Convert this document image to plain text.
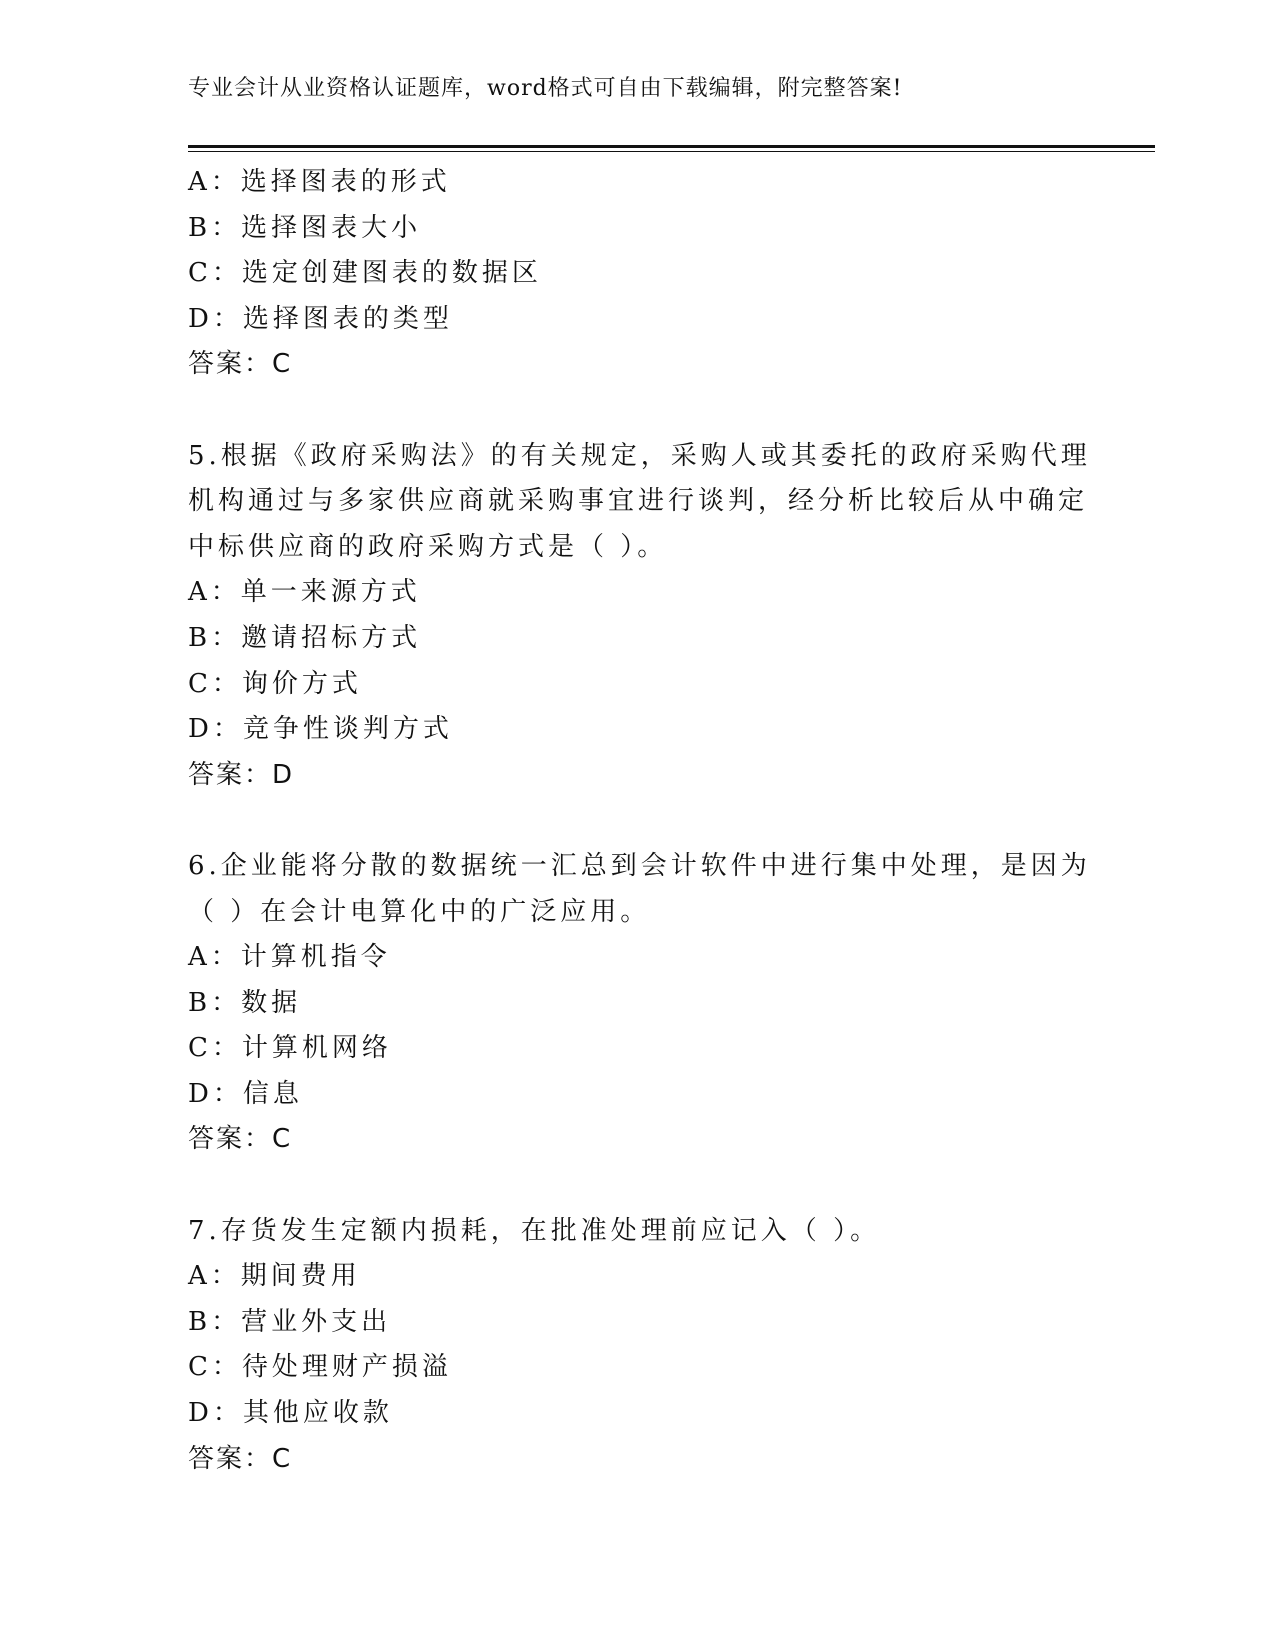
专业会计从业资格认证题库，word格式可自由下载编辑，附完整答案!
A：选择图表的形式
B：选择图表大小
C：选定创建图表的数据区
D：选择图表的类型
答案：C
5.根据《政府采购法》的有关规定，采购人或其委托的政府采购代理
机构通过与多家供应商就采购事宜进行谈判，经分析比较后从中确定
中标供应商的政府采购方式是（ ）。
A：单一来源方式
B：邀请招标方式
C：询价方式
D：竞争性谈判方式
答案：D
6.企业能将分散的数据统一汇总到会计软件中进行集中处理，是因为
（ ）在会计电算化中的广泛应用。
A：计算机指令
B：数据
C：计算机网络
D：信息
答案：C
7.存货发生定额内损耗，在批准处理前应记入（ ）。
A：期间费用
B：营业外支出
C：待处理财产损溢
D：其他应收款
答案：C
